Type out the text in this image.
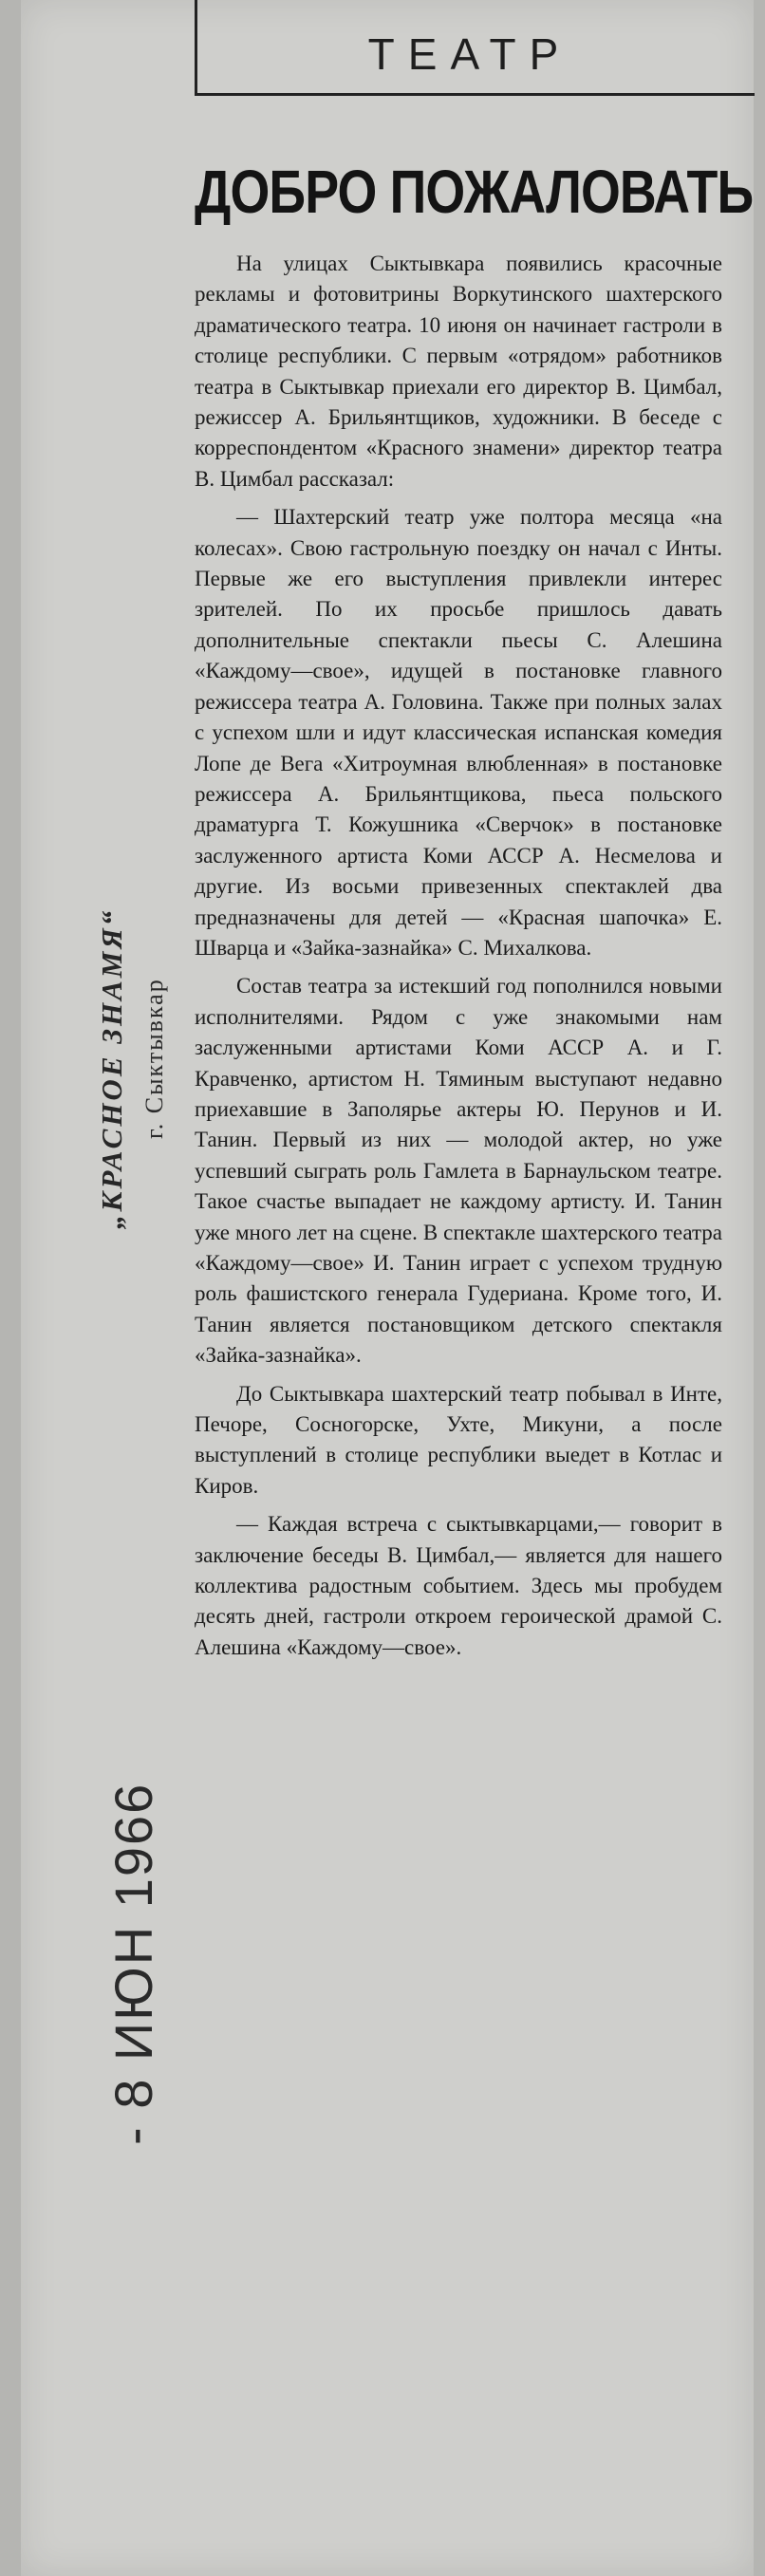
ТЕАТР
ДОБРО ПОЖАЛОВАТЬ

На улицах Сыктывкара появились красочные рекламы и фотовитрины Воркутинского шахтерского драматического театра. 10 июня он начинает гастроли в столице республики. С первым «отрядом» работников театра в Сыктывкар приехали его директор В. Цимбал, режиссер А. Брильянтщиков, художники. В беседе с корреспондентом «Красного знамени» директор театра В. Цимбал рассказал:

— Шахтерский театр уже полтора месяца «на колесах». Свою гастрольную поездку он начал с Инты. Первые же его выступления привлекли интерес зрителей. По их просьбе пришлось давать дополнительные спектакли пьесы С. Алешина «Каждому—свое», идущей в постановке главного режиссера театра А. Головина. Также при полных залах с успехом шли и идут классическая испанская комедия Лопе де Вега «Хитроумная влюбленная» в постановке режиссера А. Брильянтщикова, пьеса польского драматурга Т. Кожушника «Сверчок» в постановке заслуженного артиста Коми АССР А. Несмелова и другие. Из восьми привезенных спектаклей два предназначены для детей — «Красная шапочка» Е. Шварца и «Зайка-зазнайка» С. Михалкова.

Состав театра за истекший год пополнился новыми исполнителями. Рядом с уже знакомыми нам заслуженными артистами Коми АССР А. и Г. Кравченко, артистом Н. Тяминым выступают недавно приехавшие в Заполярье актеры Ю. Перунов и И. Танин. Первый из них — молодой актер, но уже успевший сыграть роль Гамлета в Барнаульском театре. Такое счастье выпадает не каждому артисту. И. Танин уже много лет на сцене. В спектакле шахтерского театра «Каждому—свое» И. Танин играет с успехом трудную роль фашистского генерала Гудериана. Кроме того, И. Танин является постановщиком детского спектакля «Зайка-зазнайка».

До Сыктывкара шахтерский театр побывал в Инте, Печоре, Сосногорске, Ухте, Микуни, а после выступлений в столице республики выедет в Котлас и Киров.

— Каждая встреча с сыктывкарцами,— говорит в заключение беседы В. Цимбал,— является для нашего коллектива радостным событием. Здесь мы пробудем десять дней, гастроли откроем героической драмой С. Алешина «Каждому—свое».

„КРАСНОЕ ЗНАМЯ“ г. Сыктывкар
- 8 ИЮН 1966
